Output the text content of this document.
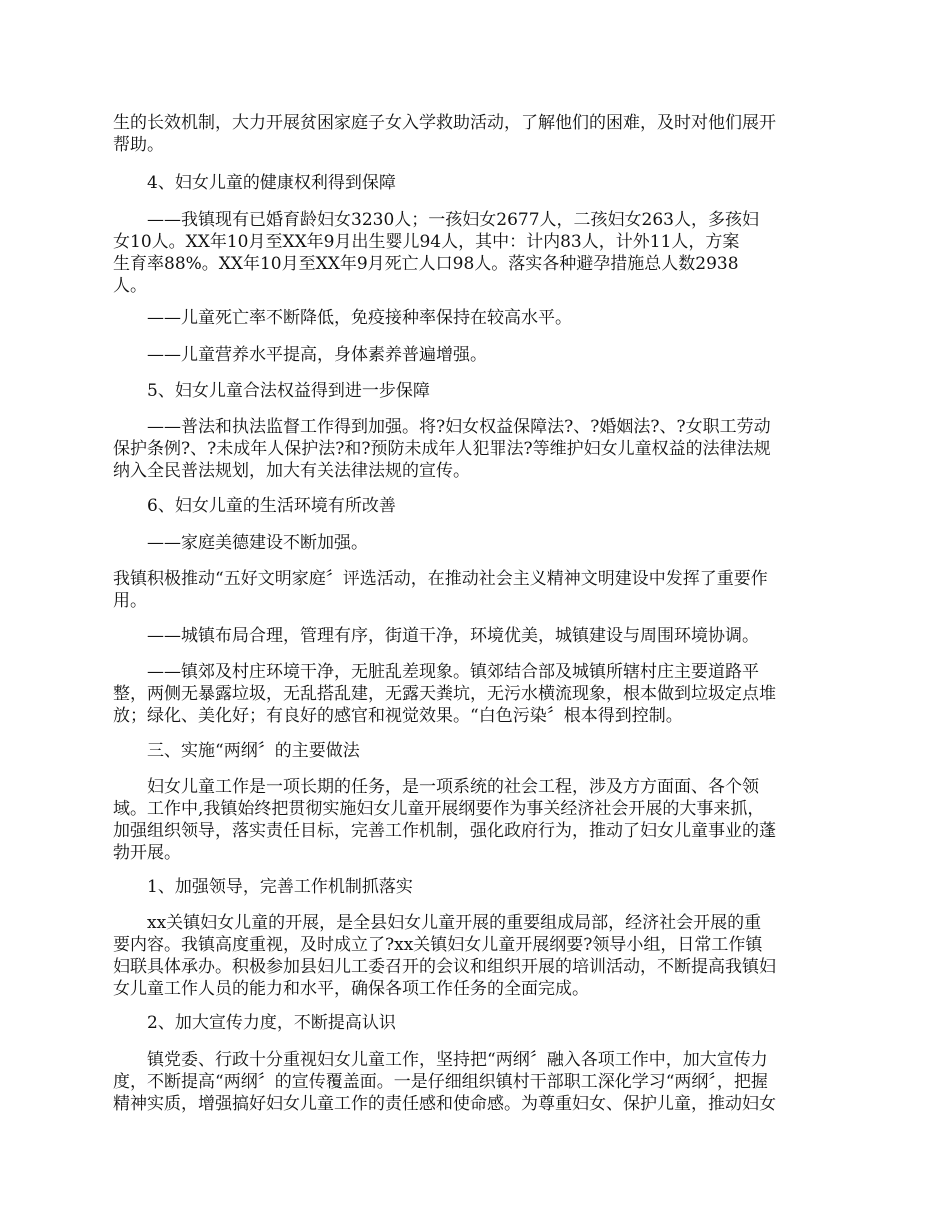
生的长效机制，大力开展贫困家庭子女入学救助活动，了解他们的困难，及时对他们展开
帮助。

　　4、妇女儿童的健康权利得到保障

　　——我镇现有已婚育龄妇女3230人；一孩妇女2677人，二孩妇女263人，多孩妇
女10人。XX年10月至XX年9月出生婴儿94人，其中：计内83人，计外11人，方案
生育率88%。XX年10月至XX年9月死亡人口98人。落实各种避孕措施总人数2938
人。

　　——儿童死亡率不断降低，免疫接种率保持在较高水平。

　　——儿童营养水平提高，身体素养普遍增强。

　　5、妇女儿童合法权益得到进一步保障

　　——普法和执法监督工作得到加强。将?妇女权益保障法?、?婚姻法?、?女职工劳动
保护条例?、?未成年人保护法?和?预防未成年人犯罪法?等维护妇女儿童权益的法律法规
纳入全民普法规划，加大有关法律法规的宣传。

　　6、妇女儿童的生活环境有所改善

　　——家庭美德建设不断加强。

我镇积极推动“五好文明家庭〞评选活动，在推动社会主义精神文明建设中发挥了重要作
用。

　　——城镇布局合理，管理有序，街道干净，环境优美，城镇建设与周围环境协调。

　　——镇郊及村庄环境干净，无脏乱差现象。镇郊结合部及城镇所辖村庄主要道路平
整，两侧无暴露垃圾，无乱搭乱建，无露天粪坑，无污水横流现象，根本做到垃圾定点堆
放；绿化、美化好；有良好的感官和视觉效果。“白色污染〞根本得到控制。

　　三、实施“两纲〞的主要做法

　　妇女儿童工作是一项长期的任务，是一项系统的社会工程，涉及方方面面、各个领
域。工作中,我镇始终把贯彻实施妇女儿童开展纲要作为事关经济社会开展的大事来抓，
加强组织领导，落实责任目标，完善工作机制，强化政府行为，推动了妇女儿童事业的蓬
勃开展。

　　1、加强领导，完善工作机制抓落实

　　xx关镇妇女儿童的开展，是全县妇女儿童开展的重要组成局部，经济社会开展的重
要内容。我镇高度重视，及时成立了?xx关镇妇女儿童开展纲要?领导小组，日常工作镇
妇联具体承办。积极参加县妇儿工委召开的会议和组织开展的培训活动，不断提高我镇妇
女儿童工作人员的能力和水平，确保各项工作任务的全面完成。

　　2、加大宣传力度，不断提高认识

　　镇党委、行政十分重视妇女儿童工作，坚持把“两纲〞融入各项工作中，加大宣传力
度，不断提高“两纲〞的宣传覆盖面。一是仔细组织镇村干部职工深化学习“两纲〞，把握
精神实质，增强搞好妇女儿童工作的责任感和使命感。为尊重妇女、保护儿童，推动妇女
